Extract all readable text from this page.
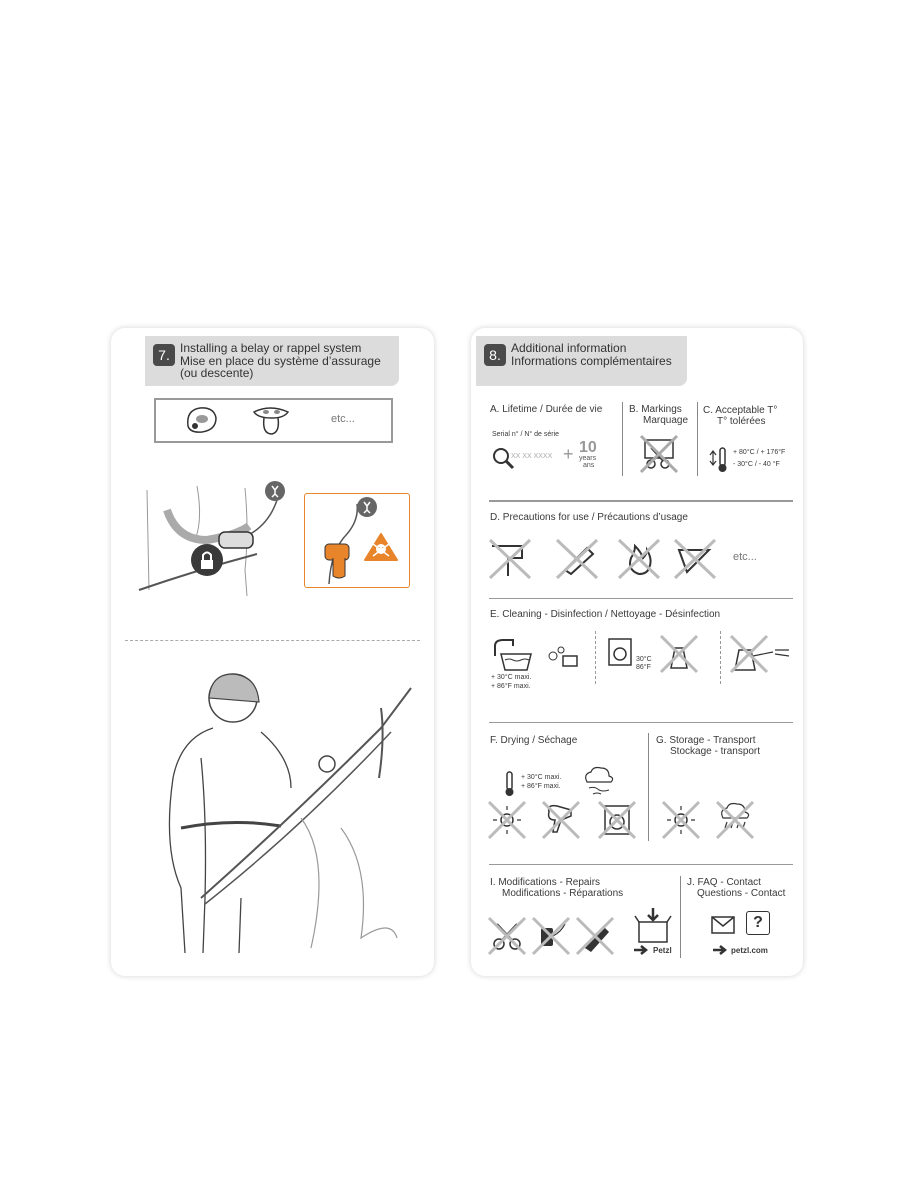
7. Installing a belay or rappel system
Mise en place du système d’assurage
(ou descente)
etc...
8. Additional information
Informations complémentaires
A. Lifetime / Durée de vie
Serial n° / N° de série
XX XX XXXX + 10
years
ans
B. Markings
Marquage
C. Acceptable T°
T° tolérées
+ 80°C / + 176°F
- 30°C / - 40 °F
D. Precautions for use / Précautions d’usage
etc...
E. Cleaning - Disinfection / Nettoyage - Désinfection
+ 30°C maxi.
+ 86°F maxi.
30°C
86°F
F. Drying / Séchage
+ 30°C maxi.
+ 86°F maxi.
G. Storage - Transport
Stockage - transport
I. Modifications - Repairs
Modifications - Réparations
Petzl
J. FAQ - Contact
Questions - Contact
?
petzl.com
